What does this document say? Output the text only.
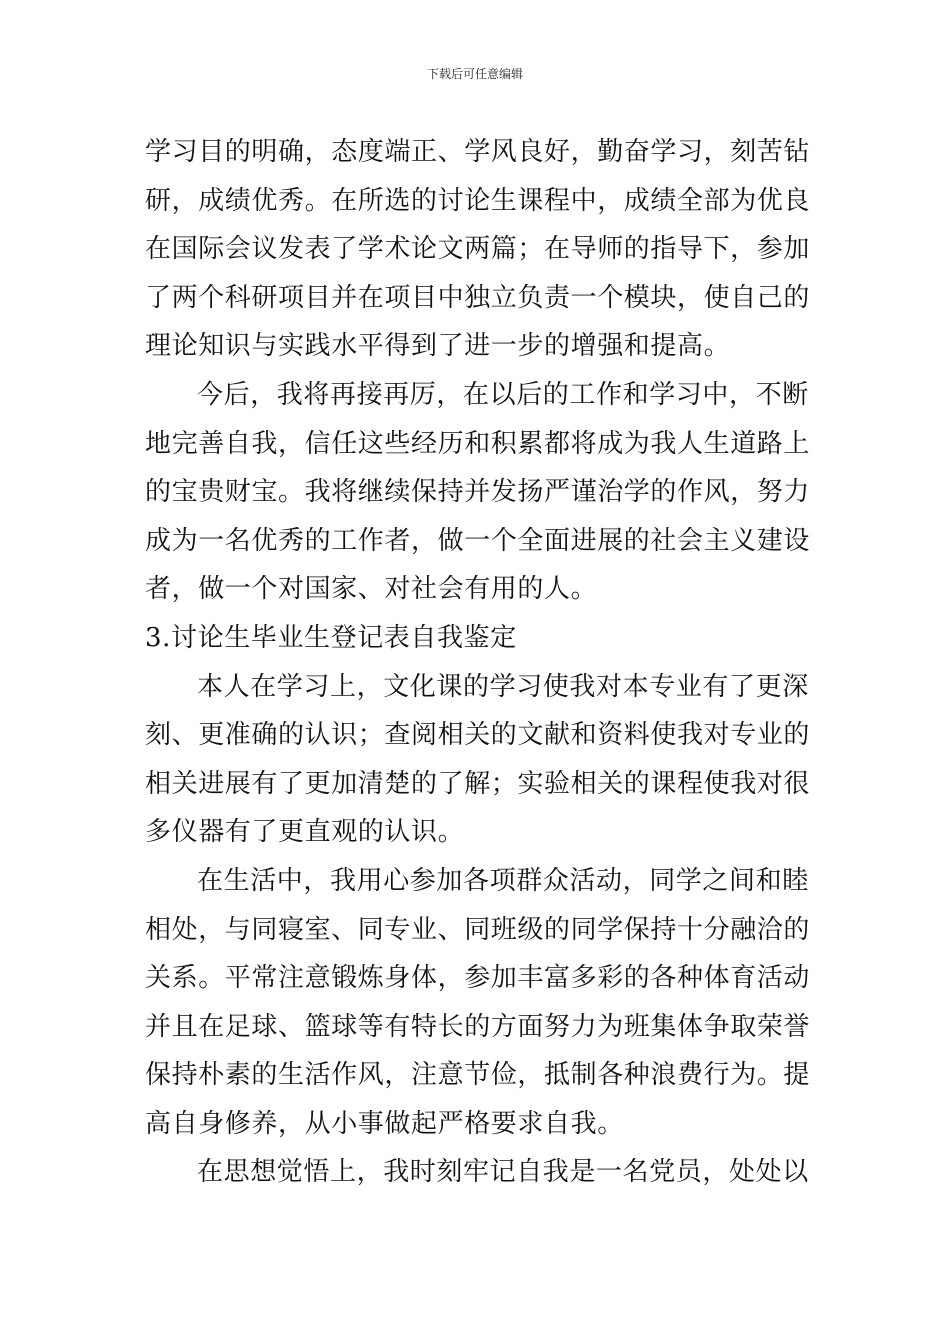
下载后可任意编辑
学习目的明确，态度端正、学风良好，勤奋学习，刻苦钻
研，成绩优秀。在所选的讨论生课程中，成绩全部为优良
在国际会议发表了学术论文两篇；在导师的指导下，参加
了两个科研项目并在项目中独立负责一个模块，使自己的
理论知识与实践水平得到了进一步的增强和提高。
今后，我将再接再厉，在以后的工作和学习中，不断
地完善自我，信任这些经历和积累都将成为我人生道路上
的宝贵财宝。我将继续保持并发扬严谨治学的作风，努力
成为一名优秀的工作者，做一个全面进展的社会主义建设
者，做一个对国家、对社会有用的人。
3.讨论生毕业生登记表自我鉴定
本人在学习上，文化课的学习使我对本专业有了更深
刻、更准确的认识；查阅相关的文献和资料使我对专业的
相关进展有了更加清楚的了解；实验相关的课程使我对很
多仪器有了更直观的认识。
在生活中，我用心参加各项群众活动，同学之间和睦
相处，与同寝室、同专业、同班级的同学保持十分融洽的
关系。平常注意锻炼身体，参加丰富多彩的各种体育活动
并且在足球、篮球等有特长的方面努力为班集体争取荣誉
保持朴素的生活作风，注意节俭，抵制各种浪费行为。提
高自身修养，从小事做起严格要求自我。
在思想觉悟上，我时刻牢记自我是一名党员，处处以
